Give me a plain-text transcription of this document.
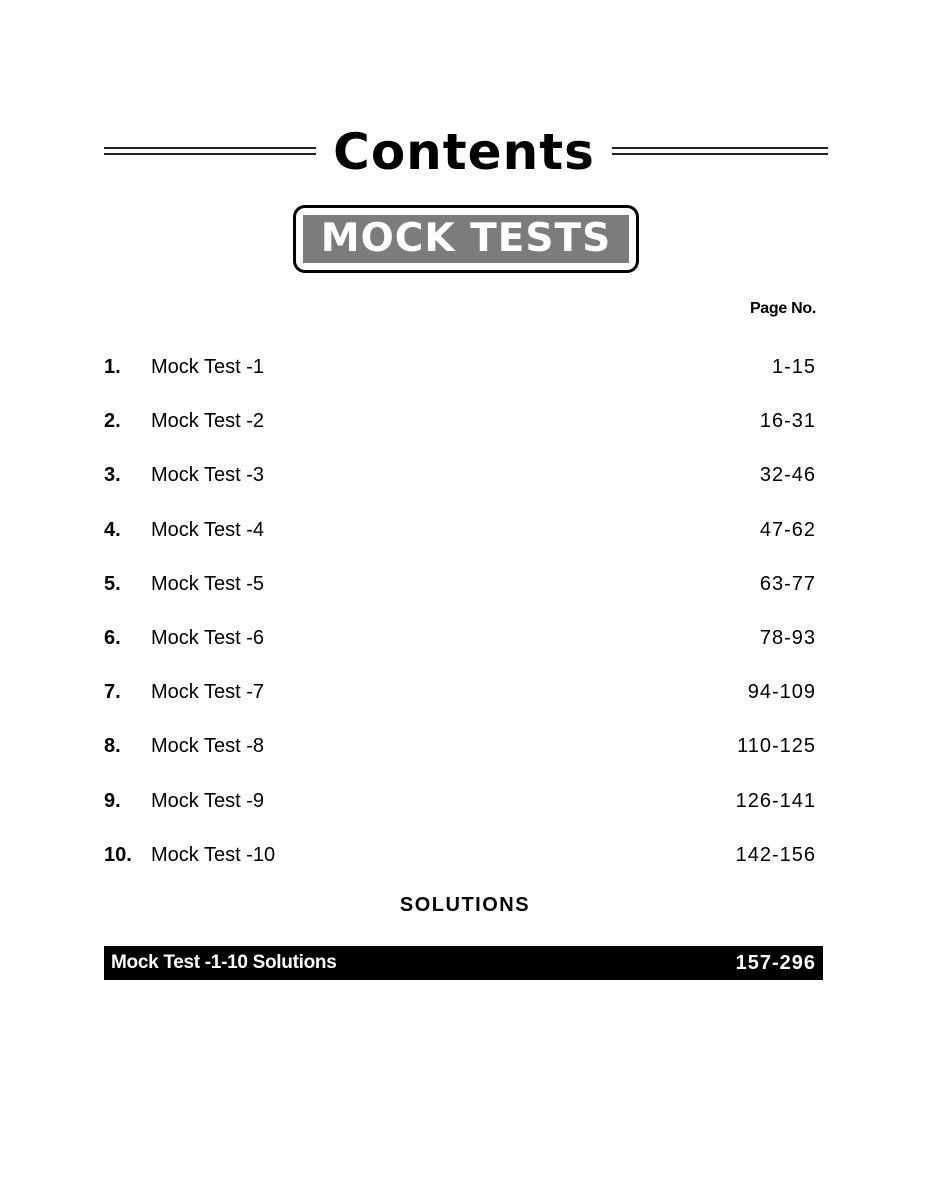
Contents
MOCK TESTS
Page No.
1. Mock Test -1	1-15
2. Mock Test -2	16-31
3. Mock Test -3	32-46
4. Mock Test -4	47-62
5. Mock Test -5	63-77
6. Mock Test -6	78-93
7. Mock Test -7	94-109
8. Mock Test -8	110-125
9. Mock Test -9	126-141
10. Mock Test -10	142-156
SOLUTIONS
Mock Test -1-10 Solutions	157-296
